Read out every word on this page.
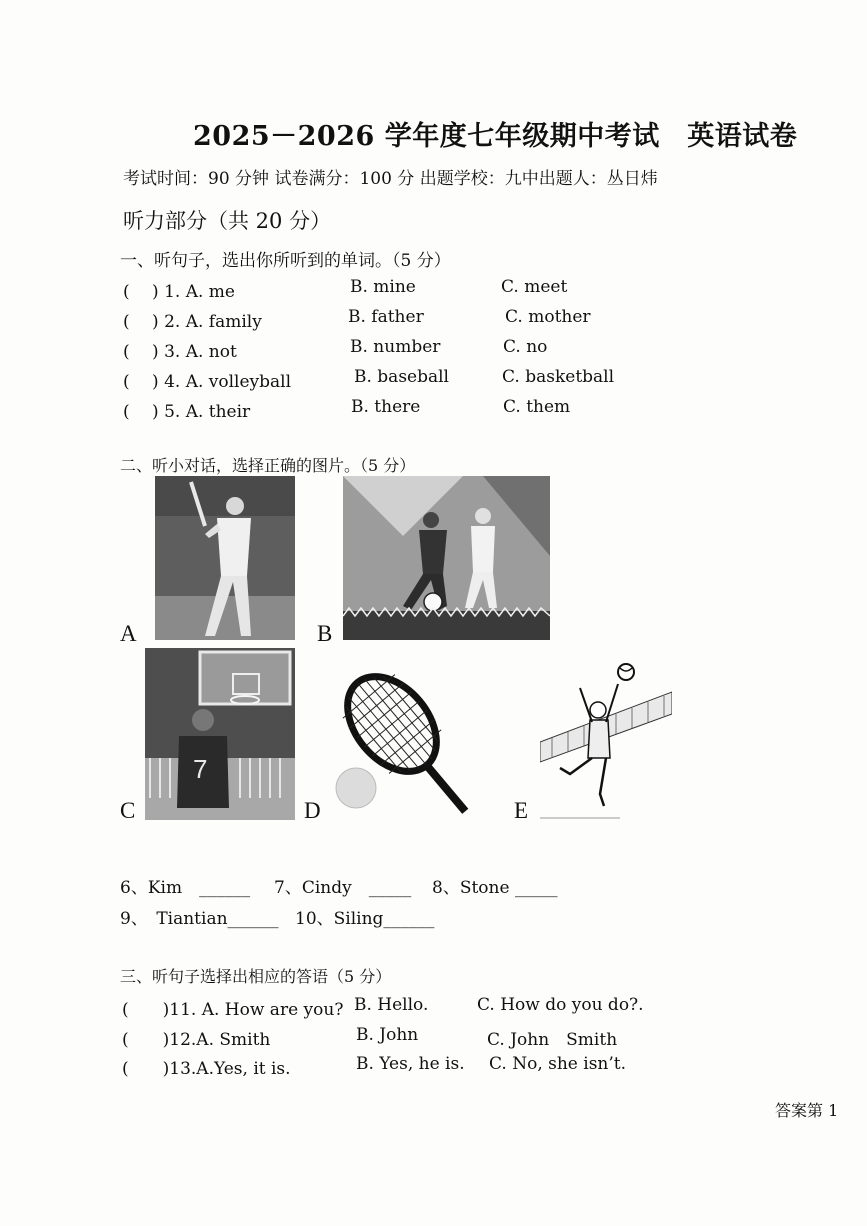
2025－2026 学年度七年级期中考试　英语试卷
考试时间：90 分钟 试卷满分：100 分 出题学校：九中出题人：丛日炜
听力部分（共 20 分）
一、听句子，选出你所听到的单词。（5 分）
(　 ) 1. A. me	B. mine	C. meet
(　 ) 2. A. family	B. father	C. mother
(　 ) 3. A. not	B. number	C. no
(　 ) 4. A. volleyball	B. baseball	C. basketball
(　 ) 5. A. their	B. there	C. them
二、听小对话，选择正确的图片。（5 分）
A	B
7
C	D	E
6、Kim　______ 7、Cindy　_____ 8、Stone _____
9、　Tiantian______ 10、Siling______
三、听句子选择出相应的答语（5 分）
(　　)11. A. How are you? B. Hello.	C. How do you do?.
(　　)12.A. Smith	B. John	C. John　Smith
(　　)13.A.Yes, it is.	B. Yes, he is. C. No, she isn’t.
答案第 1
